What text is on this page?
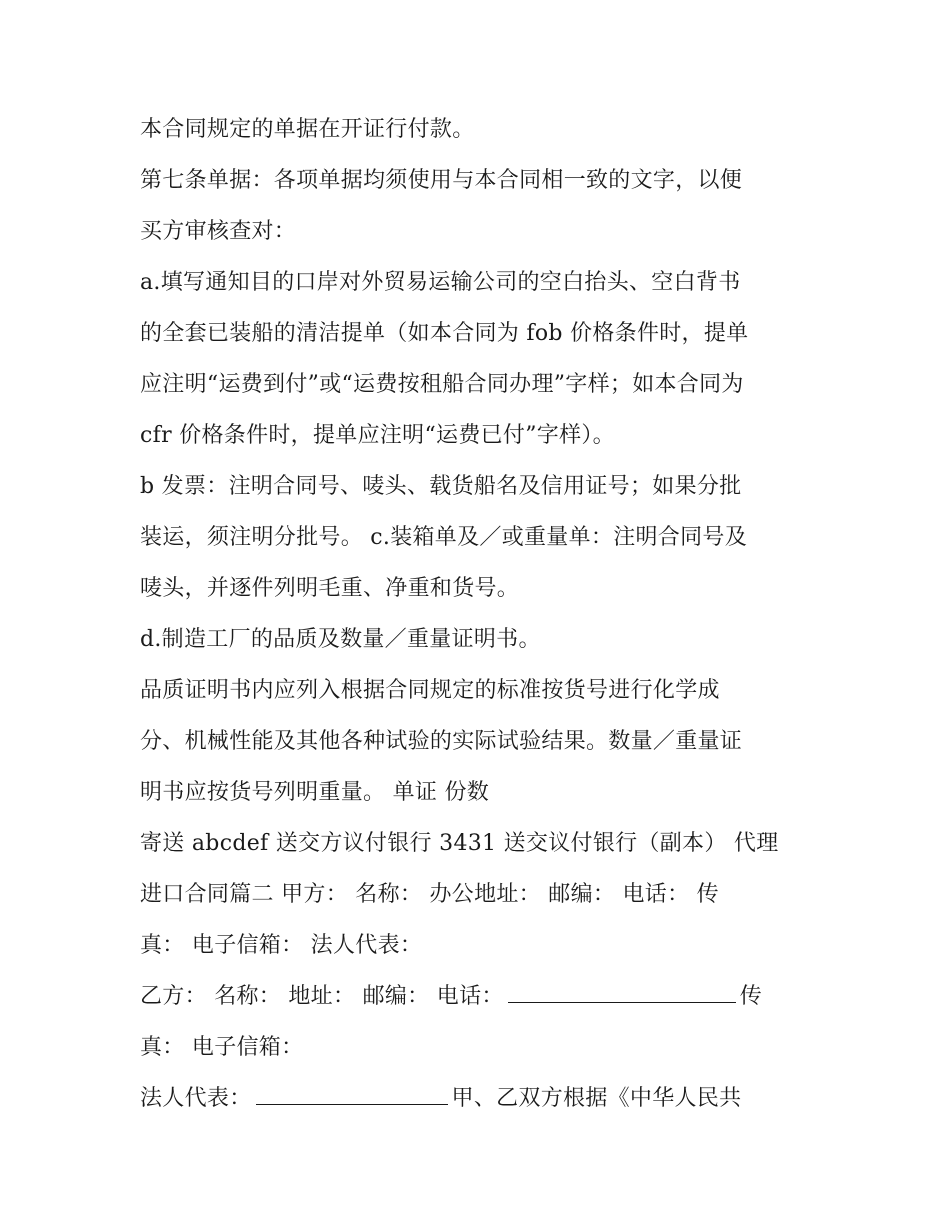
本合同规定的单据在开证行付款。
第七条单据：各项单据均须使用与本合同相一致的文字，以便
买方审核查对：
a.填写通知目的口岸对外贸易运输公司的空白抬头、空白背书
的全套已装船的清洁提单（如本合同为 fob 价格条件时，提单
应注明“运费到付”或“运费按租船合同办理”字样；如本合同为
cfr 价格条件时，提单应注明“运费已付”字样）。
b 发票：注明合同号、唛头、载货船名及信用证号；如果分批
装运，须注明分批号。 c.装箱单及／或重量单：注明合同号及
唛头，并逐件列明毛重、净重和货号。
d.制造工厂的品质及数量／重量证明书。
品质证明书内应列入根据合同规定的标准按货号进行化学成
分、机械性能及其他各种试验的实际试验结果。数量／重量证
明书应按货号列明重量。 单证 份数
寄送 abcdef 送交方议付银行 3431 送交议付银行（副本） 代理
进口合同篇二 甲方： 名称： 办公地址： 邮编： 电话： 传
真： 电子信箱： 法人代表：
乙方： 名称： 地址： 邮编： 电话：	传
真： 电子信箱：
法人代表：	甲、乙双方根据《中华人民共
